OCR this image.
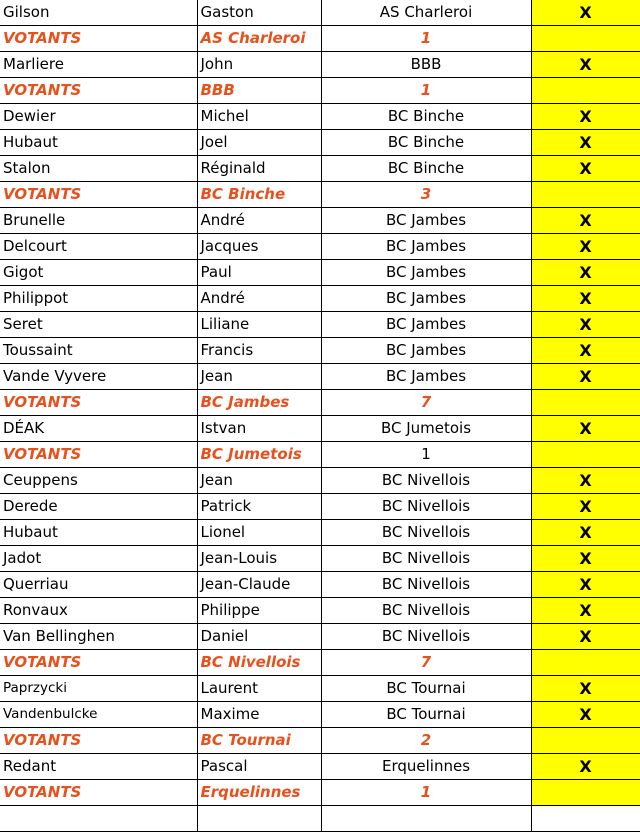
Gilson	Gaston	AS Charleroi	X
VOTANTS	AS Charleroi	1	
Marliere	John	BBB	X
VOTANTS	BBB	1	
Dewier	Michel	BC Binche	X
Hubaut	Joel	BC Binche	X
Stalon	Réginald	BC Binche	X
VOTANTS	BC Binche	3	
Brunelle	André	BC Jambes	X
Delcourt	Jacques	BC Jambes	X
Gigot	Paul	BC Jambes	X
Philippot	André	BC Jambes	X
Seret	Liliane	BC Jambes	X
Toussaint	Francis	BC Jambes	X
Vande Vyvere	Jean	BC Jambes	X
VOTANTS	BC Jambes	7	
DÉAK	Istvan	BC Jumetois	X
VOTANTS	BC Jumetois	1	
Ceuppens	Jean	BC Nivellois	X
Derede	Patrick	BC Nivellois	X
Hubaut	Lionel	BC Nivellois	X
Jadot	Jean-Louis	BC Nivellois	X
Querriau	Jean-Claude	BC Nivellois	X
Ronvaux	Philippe	BC Nivellois	X
Van Bellinghen	Daniel	BC Nivellois	X
VOTANTS	BC Nivellois	7	
Paprzycki	Laurent	BC Tournai	X
Vandenbulcke	Maxime	BC Tournai	X
VOTANTS	BC Tournai	2	
Redant	Pascal	Erquelinnes	X
VOTANTS	Erquelinnes	1	
